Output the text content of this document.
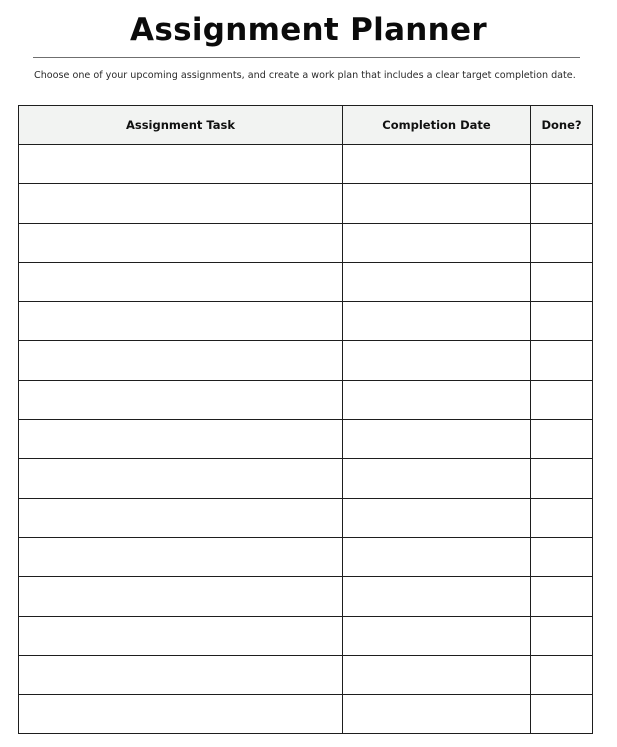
Assignment Planner

Choose one of your upcoming assignments, and create a work plan that includes a clear target completion date.

Assignment Task	Completion Date	Done?
